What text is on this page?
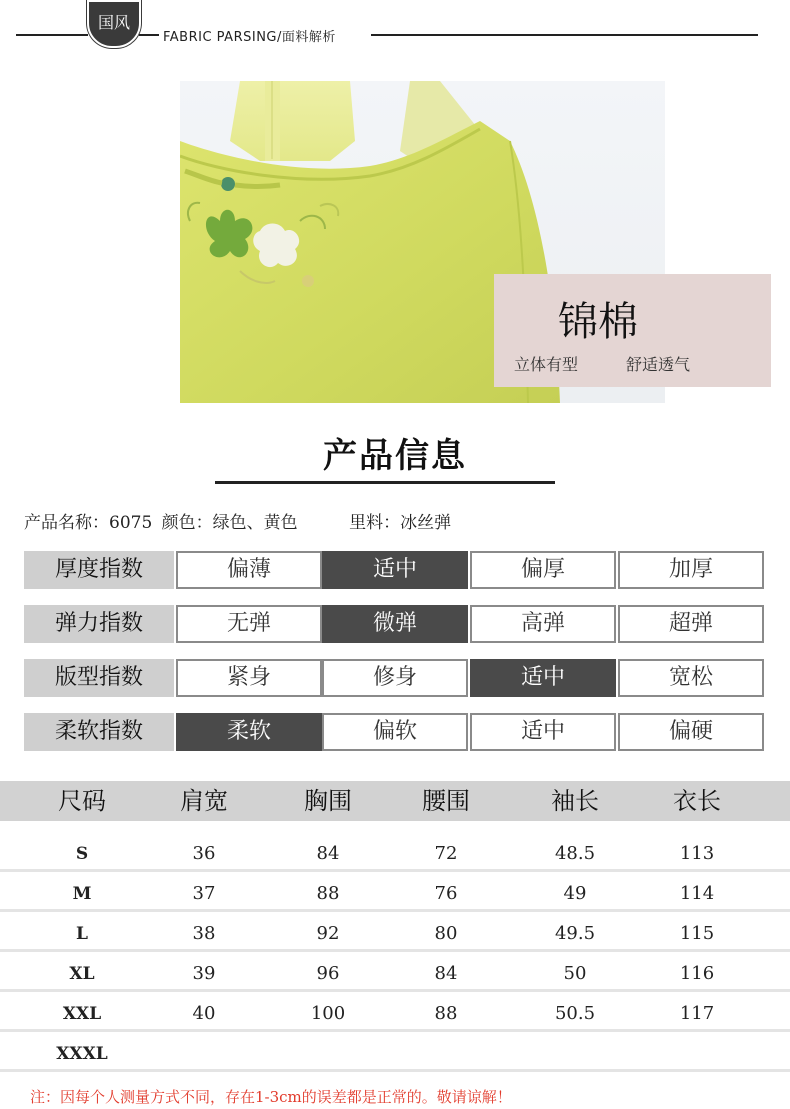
国风
FABRIC PARSING/面料解析
锦棉
立体有型	舒适透气
产品信息
产品名称：6075 颜色：绿色、黄色	里料：冰丝弹
厚度指数	偏薄	适中	偏厚	加厚
弹力指数	无弹	微弹	高弹	超弹
版型指数	紧身	修身	适中	宽松
柔软指数	柔软	偏软	适中	偏硬
尺码	肩宽	胸围	腰围	袖长	衣长
S	36	84	72	48.5	113
M	37	88	76	49	114
L	38	92	80	49.5	115
XL	39	96	84	50	116
XXL	40	100	88	50.5	117
XXXL
注：因每个人测量方式不同，存在1-3cm的误差都是正常的。敬请谅解！
